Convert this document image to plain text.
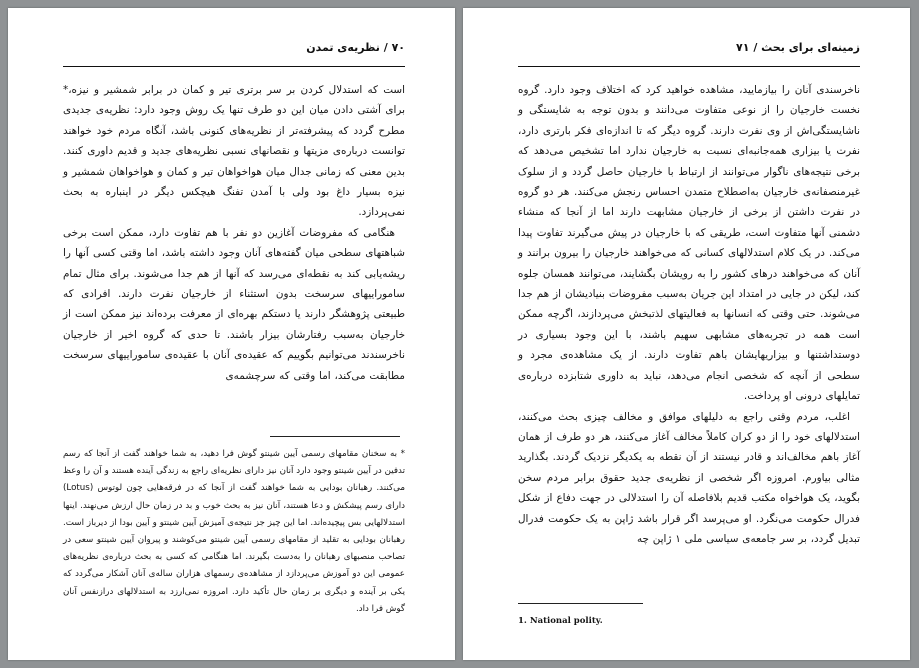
۷۰ / نظریه‌ی تمدن

است که استدلال کردن بر سر برتری تیر و کمان در برابر شمشیر و نیزه،* برای آشتی دادن میان این دو طرف تنها یک روش وجود دارد: نظریه‌ی جدیدی مطرح گردد که پیشرفته‌تر از نظریه‌های کنونی باشد، آنگاه مردم خود خواهند توانست درباره‌ی مزیتها و نقصانهای نسبی نظریه‌های جدید و قدیم داوری کنند. بدین معنی که زمانی جدال میان هواخواهان تیر و کمان و هواخواهان شمشیر و نیزه بسیار داغ بود ولی با آمدن تفنگ هیچکس دیگر در اینباره به بحث نمی‌پردازد.

هنگامی که مفروضات آغازین دو نفر با هم تفاوت دارد، ممکن است برخی شباهتهای سطحی میان گفته‌های آنان وجود داشته باشد، اما وقتی کسی آنها را ریشه‌یابی کند به نقطه‌ای می‌رسد که آنها از هم جدا می‌شوند. برای مثال تمام ساموراییهای سرسخت بدون استثناء از خارجیان نفرت دارند. افرادی که طبیعتی پژوهشگر دارند یا دستکم بهره‌ای از معرفت برده‌اند نیز ممکن است از خارجیان به‌سبب رفتارشان بیزار باشند. تا حدی که گروه اخیر از خارجیان ناخرسندند می‌توانیم بگوییم که عقیده‌ی آنان با عقیده‌ی ساموراییهای سرسخت مطابقت می‌کند، اما وقتی که سرچشمه‌ی

* به سخنان مقامهای رسمی آیین شینتو گوش فرا دهید، به شما خواهند گفت از آنجا که رسم تدفین در آیین شینتو وجود دارد آنان نیز دارای نظریه‌ای راجع به زندگی آینده هستند و آن را وعظ می‌کنند. رهبانان بودایی به شما خواهند گفت از آنجا که در فرقه‌هایی چون لوتوس (Lotus) دارای رسم پیشکش و دعا هستند، آنان نیز به بحث خوب و بد در زمان حال ارزش می‌نهند. اینها استدلالهایی بس پیچیده‌اند. اما این چیز جز نتیجه‌ی آمیزش آیین شینتو و آیین بودا از دیرباز است. رهبانان بودایی به تقلید از مقامهای رسمی آیین شینتو می‌کوشند و پیروان آیین شینتو سعی در تصاحب منصبهای رهبانان را به‌دست بگیرند. اما هنگامی که کسی به بحث درباره‌ی نظریه‌های عمومی این دو آموزش می‌پردازد از مشاهده‌ی رسمهای هزاران ساله‌ی آنان آشکار می‌گردد که یکی بر آینده و دیگری بر زمان حال تأکید دارد. امروزه نمی‌ارزد به استدلالهای درازنفس آنان گوش فرا داد.

زمینه‌ای برای بحث / ۷۱

ناخرسندی آنان را بیازمایید، مشاهده خواهید کرد که اختلاف وجود دارد. گروه نخست خارجیان را از نوعی متفاوت می‌دانند و بدون توجه به شایستگی و ناشایستگی‌اش از وی نفرت دارند. گروه دیگر که تا اندازه‌ای فکر بارتری دارد، نفرت یا بیزاری همه‌جانبه‌ای نسبت به خارجیان ندارد اما تشخیص می‌دهد که برخی نتیجه‌های ناگوار می‌توانند از ارتباط با خارجیان حاصل گردد و از سلوک غیرمنصفانه‌ی خارجیان به‌اصطلاح متمدن احساس رنجش می‌کنند. هر دو گروه در نفرت داشتن از برخی از خارجیان مشابهت دارند اما از آنجا که منشاء دشمنی آنها متفاوت است، طریقی که با خارجیان در پیش می‌گیرند تفاوت پیدا می‌کند. در یک کلام استدلالهای کسانی که می‌خواهند خارجیان را بیرون برانند و آنان که می‌خواهند درهای کشور را به رویشان بگشایند، می‌توانند همسان جلوه کند، لیکن در جایی در امتداد این جریان به‌سبب مفروضات بنیادیشان از هم جدا می‌شوند. حتی وقتی که انسانها به فعالیتهای لذتبخش می‌پردازند، اگرچه ممکن است همه در تجربه‌های مشابهی سهیم باشند، با این وجود بسیاری در دوستداشتنها و بیزاریهایشان باهم تفاوت دارند. از یک مشاهده‌ی مجرد و سطحی از آنچه که شخصی انجام می‌دهد، نباید به داوری شتابزده درباره‌ی تمایلهای درونی او پرداخت.

اغلب، مردم وقتی راجع به دلیلهای موافق و مخالف چیزی بحث می‌کنند، استدلالهای خود را از دو کران کاملاً مخالف آغاز می‌کنند، هر دو طرف از همان آغاز باهم مخالف‌اند و قادر نیستند از آن نقطه به یکدیگر نزدیک گردند. بگذارید مثالی بیاورم. امروزه اگر شخصی از نظریه‌ی جدید حقوق برابر مردم سخن بگوید، یک هواخواه مکتب قدیم بلافاصله آن را استدلالی در جهت دفاع از شکل فدرال حکومت می‌نگرد. او می‌پرسد اگر قرار باشد ژاپن به یک حکومت فدرال تبدیل گردد، بر سر جامعه‌ی سیاسی ملی ۱ ژاپن چه

1. National polity.
